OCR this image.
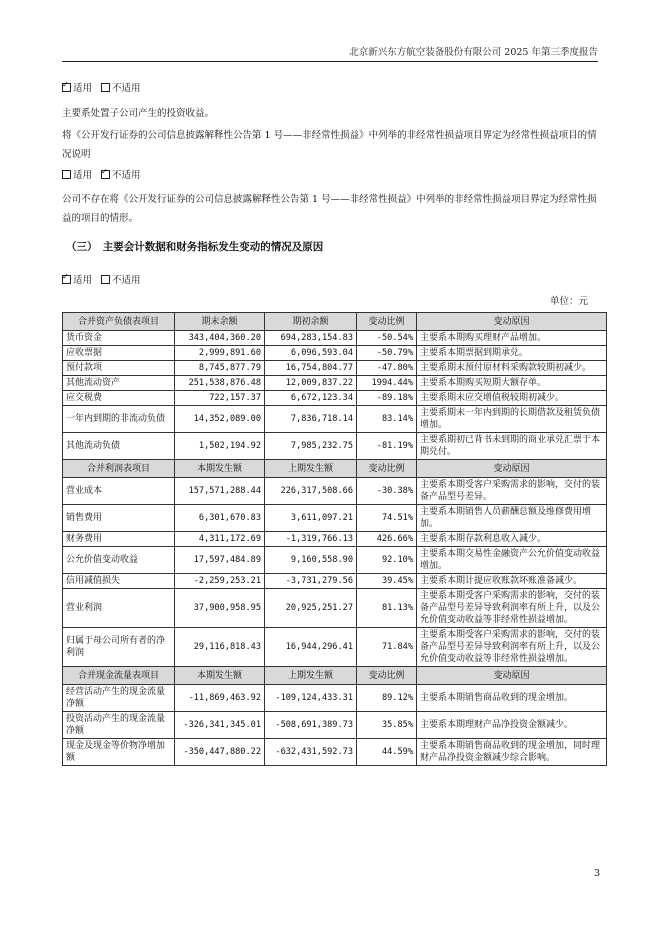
北京新兴东方航空装备股份有限公司 2025 年第三季度报告
✓适用 不适用
主要系处置子公司产生的投资收益。
将《公开发行证券的公司信息披露解释性公告第 1 号——非经常性损益》中列举的非经常性损益项目界定为经常性损益项目的情况说明
适用 ✓ 不适用
公司不存在将《公开发行证券的公司信息披露解释性公告第 1 号——非经常性损益》中列举的非经常性损益项目界定为经常性损益的项目的情形。
（三）　主要会计数据和财务指标发生变动的情况及原因
✓适用 不适用
单位：元
合并资产负债表项目	期末余额	期初余额	变动比例	变动原因
货币资金	343,404,360.20	694,283,154.83	-50.54%	主要系本期购买理财产品增加。
应收票据	2,999,891.60	6,096,593.04	-50.79%	主要系本期票据到期承兑。
预付款项	8,745,877.79	16,754,804.77	-47.80%	主要系期末预付原材料采购款较期初减少。
其他流动资产	251,538,876.48	12,009,837.22	1994.44%	主要系本期购买短期大额存单。
应交税费	722,157.37	6,672,123.34	-89.18%	主要系期末应交增值税较期初减少。
一年内到期的非流动负债	14,352,089.00	7,836,718.14	83.14%	主要系期末一年内到期的长期借款及租赁负债增加。
其他流动负债	1,502,194.92	7,985,232.75	-81.19%	主要系期初已背书未到期的商业承兑汇票于本期兑付。
合并利润表项目	本期发生额	上期发生额	变动比例	变动原因
营业成本	157,571,288.44	226,317,508.66	-30.38%	主要系本期受客户采购需求的影响，交付的装备产品型号差异。
销售费用	6,301,670.83	3,611,097.21	74.51%	主要系本期销售人员薪酬总额及维修费用增加。
财务费用	4,311,172.69	-1,319,766.13	426.66%	主要系本期存款利息收入减少。
公允价值变动收益	17,597,484.89	9,160,558.90	92.10%	主要系本期交易性金融资产公允价值变动收益增加。
信用减值损失	-2,259,253.21	-3,731,279.56	39.45%	主要系本期计提应收账款坏账准备减少。
营业利润	37,900,958.95	20,925,251.27	81.13%	主要系本期受客户采购需求的影响，交付的装备产品型号差异导致利润率有所上升，以及公允价值变动收益等非经常性损益增加。
归属于母公司所有者的净利润	29,116,818.43	16,944,296.41	71.84%	主要系本期受客户采购需求的影响，交付的装备产品型号差异导致利润率有所上升，以及公允价值变动收益等非经常性损益增加。
合并现金流量表项目	本期发生额	上期发生额	变动比例	变动原因
经营活动产生的现金流量净额	-11,869,463.92	-109,124,433.31	89.12%	主要系本期销售商品收到的现金增加。
投资活动产生的现金流量净额	-326,341,345.01	-508,691,389.73	35.85%	主要系本期理财产品净投资金额减少。
现金及现金等价物净增加额	-350,447,880.22	-632,431,592.73	44.59%	主要系本期销售商品收到的现金增加，同时理财产品净投资金额减少综合影响。
3
